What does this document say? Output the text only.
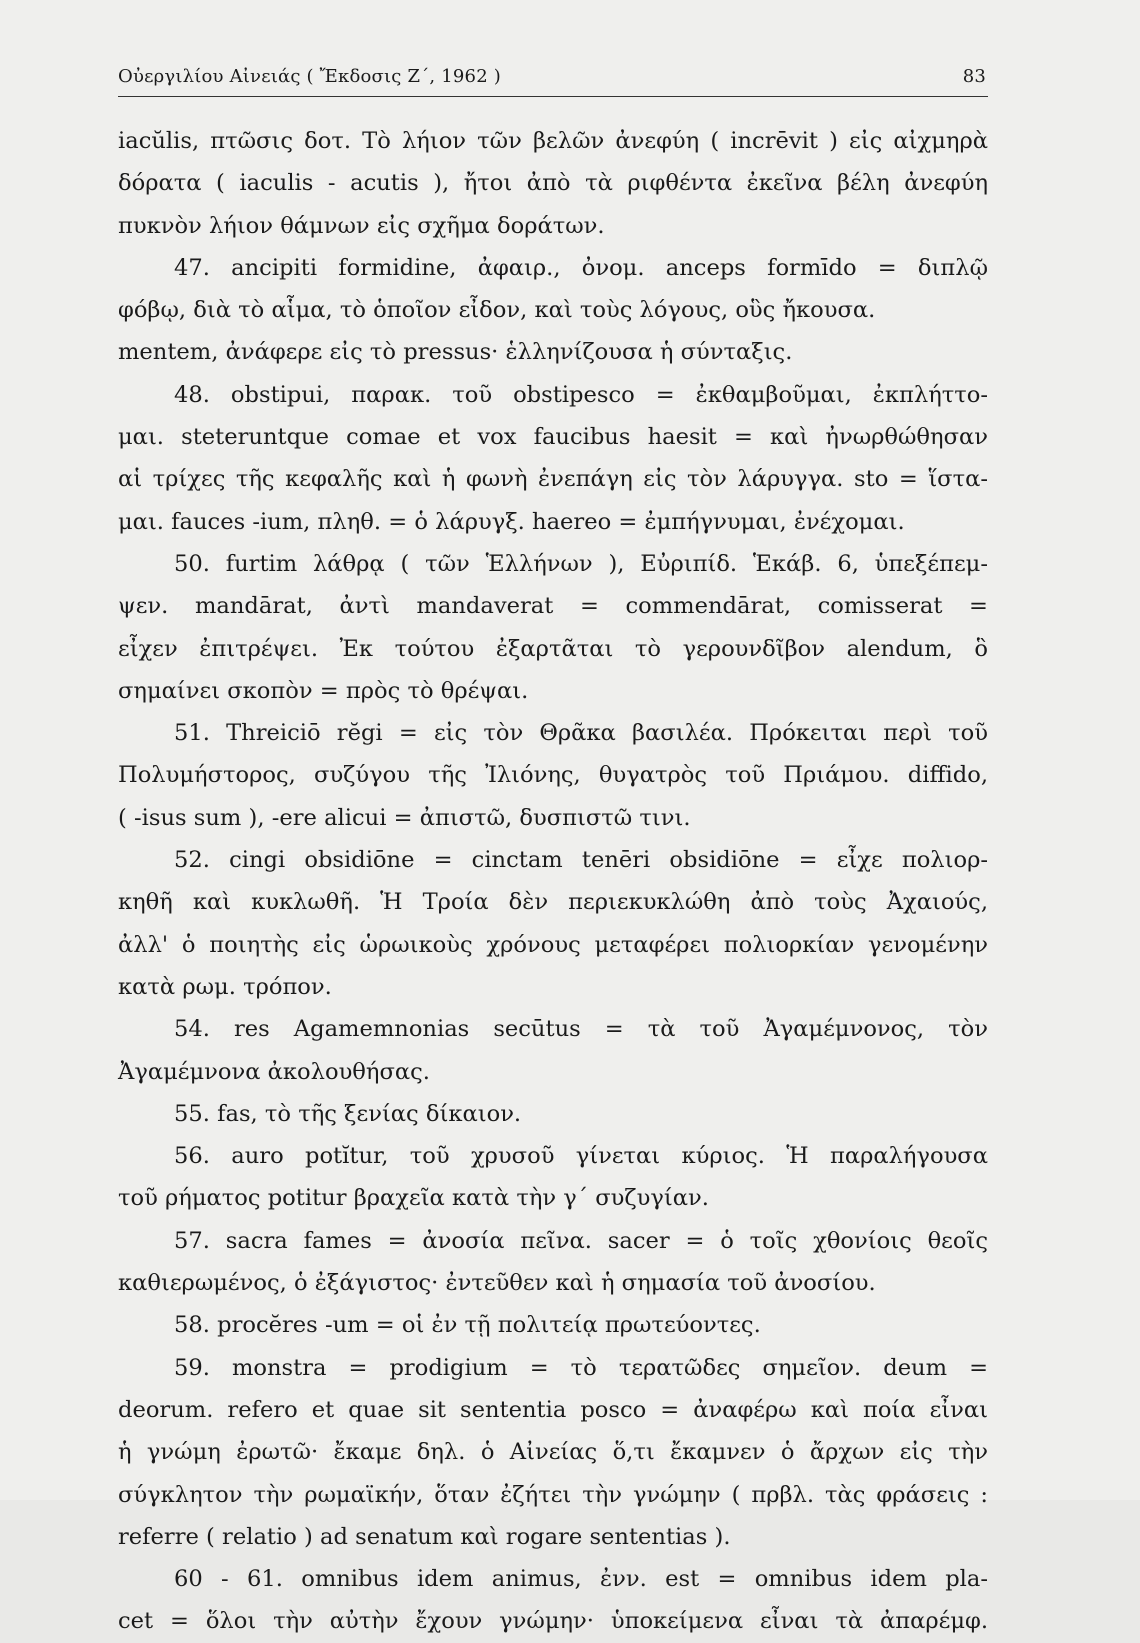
Οὐεργιλίου Αἰνειάς ( Ἔκδοσις Ζ΄, 1962 )	83
iacŭlis, πτῶσις δοτ. Τὸ λήιον τῶν βελῶν ἀνεφύη ( incrēvit ) εἰς αἰχμηρὰ
δόρατα ( iaculis - acutis ), ἤτοι ἀπὸ τὰ ριφθέντα ἐκεῖνα βέλη ἀνεφύη
πυκνὸν λήιον θάμνων εἰς σχῆμα δοράτων.
47. ancipiti formidine, ἀφαιρ., ὀνομ. anceps formīdo = διπλῷ
φόβῳ, διὰ τὸ αἷμα, τὸ ὁποῖον εἶδον, καὶ τοὺς λόγους, οὓς ἤκουσα.
mentem, ἀνάφερε εἰς τὸ pressus· ἑλληνίζουσα ἡ σύνταξις.
48. obstipui, παρακ. τοῦ obstipesco = ἐκθαμβοῦμαι, ἐκπλήττο-
μαι. steteruntque comae et vox faucibus haesit = καὶ ἠνωρθώθησαν
αἱ τρίχες τῆς κεφαλῆς καὶ ἡ φωνὴ ἐνεπάγη εἰς τὸν λάρυγγα. sto = ἵστα-
μαι. fauces -ium, πληθ. = ὁ λάρυγξ. haereo = ἐμπήγνυμαι, ἐνέχομαι.
50. furtim λάθρᾳ ( τῶν Ἑλλήνων ), Εὐριπίδ. Ἑκάβ. 6, ὑπεξέπεμ-
ψεν. mandārat, ἀντὶ mandaverat = commendārat, comisserat =
εἶχεν ἐπιτρέψει. Ἐκ τούτου ἐξαρτᾶται τὸ γερουνδῖβον alendum, ὃ
σημαίνει σκοπὸν = πρὸς τὸ θρέψαι.
51. Threiciō rĕgi = εἰς τὸν Θρᾶκα βασιλέα. Πρόκειται περὶ τοῦ
Πολυμήστορος, συζύγου τῆς Ἰλιόνης, θυγατρὸς τοῦ Πριάμου. diffido,
( -isus sum ), -ere alicui = ἀπιστῶ, δυσπιστῶ τινι.
52. cingi obsidiōne = cinctam tenēri obsidiōne = εἶχε πολιορ-
κηθῆ καὶ κυκλωθῆ. Ἡ Τροία δὲν περιεκυκλώθη ἀπὸ τοὺς Ἀχαιούς,
ἀλλ' ὁ ποιητὴς εἰς ὡρωικοὺς χρόνους μεταφέρει πολιορκίαν γενομένην
κατὰ ρωμ. τρόπον.
54. res Agamemnonias secūtus = τὰ τοῦ Ἀγαμέμνονος, τὸν
Ἀγαμέμνονα ἀκολουθήσας.
55. fas, τὸ τῆς ξενίας δίκαιον.
56. auro potĭtur, τοῦ χρυσοῦ γίνεται κύριος. Ἡ παραλήγουσα
τοῦ ρήματος potitur βραχεῖα κατὰ τὴν γ΄ συζυγίαν.
57. sacra fames = ἀνοσία πεῖνα. sacer = ὁ τοῖς χθονίοις θεοῖς
καθιερωμένος, ὁ ἐξάγιστος· ἐντεῦθεν καὶ ἡ σημασία τοῦ ἀνοσίου.
58. procĕres -um = οἱ ἐν τῇ πολιτείᾳ πρωτεύοντες.
59. monstra = prodigium = τὸ τερατῶδες σημεῖον. deum =
deorum. refero et quae sit sententia posco = ἀναφέρω καὶ ποία εἶναι
ἡ γνώμη ἐρωτῶ· ἔκαμε δηλ. ὁ Αἰνείας ὅ,τι ἔκαμνεν ὁ ἄρχων εἰς τὴν
σύγκλητον τὴν ρωμαϊκήν, ὅταν ἐζήτει τὴν γνώμην ( πρβλ. τὰς φράσεις :
referre ( relatio ) ad senatum καὶ rogare sententias ).
60 - 61. omnibus idem animus, ἐνν. est = omnibus idem pla-
cet = ὅλοι τὴν αὐτὴν ἔχουν γνώμην· ὑποκείμενα εἶναι τὰ ἀπαρέμφ.
